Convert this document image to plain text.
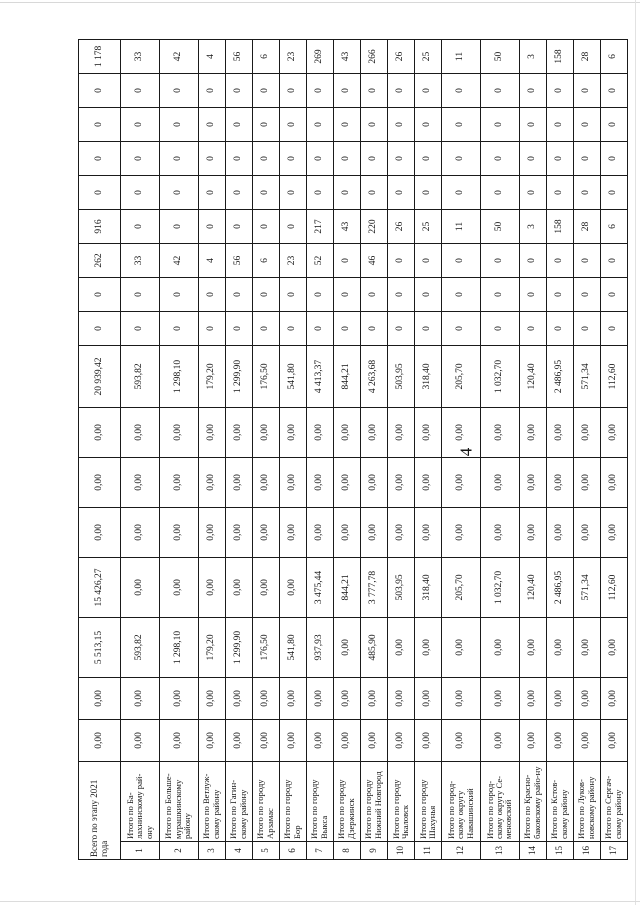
4
Всего по этапу 2021 года		0,00	0,00	5 513,15	15 426,27	0,00	0,00	0,00	20 939,42	0	0	262	916	0	0	0	0	1 178
1	Итого по Ба-лахнинскому рай-ону	0,00	0,00	593,82	0,00	0,00	0,00	0,00	593,82	0	0	33	0	0	0	0	0	33
2	Итого по Больше-мурашкинскому району	0,00	0,00	1 298,10	0,00	0,00	0,00	0,00	1 298,10	0	0	42	0	0	0	0	0	42
3	Итого по Ветлуж-скому району	0,00	0,00	179,20	0,00	0,00	0,00	0,00	179,20	0	0	4	0	0	0	0	0	4
4	Итого по Гагин-скому району	0,00	0,00	1 299,90	0,00	0,00	0,00	0,00	1 299,90	0	0	56	0	0	0	0	0	56
5	Итого по городу Арзамас	0,00	0,00	176,50	0,00	0,00	0,00	0,00	176,50	0	0	6	0	0	0	0	0	6
6	Итого по городу Бор	0,00	0,00	541,80	0,00	0,00	0,00	0,00	541,80	0	0	23	0	0	0	0	0	23
7	Итого по городу Выкса	0,00	0,00	937,93	3 475,44	0,00	0,00	0,00	4 413,37	0	0	52	217	0	0	0	0	269
8	Итого по городу Дзержинск	0,00	0,00	0,00	844,21	0,00	0,00	0,00	844,21	0	0	0	43	0	0	0	0	43
9	Итого по городу Нижний Новгород	0,00	0,00	485,90	3 777,78	0,00	0,00	0,00	4 263,68	0	0	46	220	0	0	0	0	266
10	Итого по городу Чкаловск	0,00	0,00	0,00	503,95	0,00	0,00	0,00	503,95	0	0	0	26	0	0	0	0	26
11	Итого по городу Шахунья	0,00	0,00	0,00	318,40	0,00	0,00	0,00	318,40	0	0	0	25	0	0	0	0	25
12	Итого по город-скому округу Навашинский	0,00	0,00	0,00	205,70	0,00	0,00	0,00	205,70	0	0	0	11	0	0	0	0	11
13	Итого по город-скому округу Се-меновский	0,00	0,00	0,00	1 032,70	0,00	0,00	0,00	1 032,70	0	0	0	50	0	0	0	0	50
14	Итого по Красно-баковскому райо-ну	0,00	0,00	0,00	120,40	0,00	0,00	0,00	120,40	0	0	0	3	0	0	0	0	3
15	Итого по Кстов-скому району	0,00	0,00	0,00	2 486,95	0,00	0,00	0,00	2 486,95	0	0	0	158	0	0	0	0	158
16	Итого по Луков-новскому району	0,00	0,00	0,00	571,34	0,00	0,00	0,00	571,34	0	0	0	28	0	0	0	0	28
17	Итого по Сергач-скому району	0,00	0,00	0,00	112,60	0,00	0,00	0,00	112,60	0	0	0	6	0	0	0	0	6
